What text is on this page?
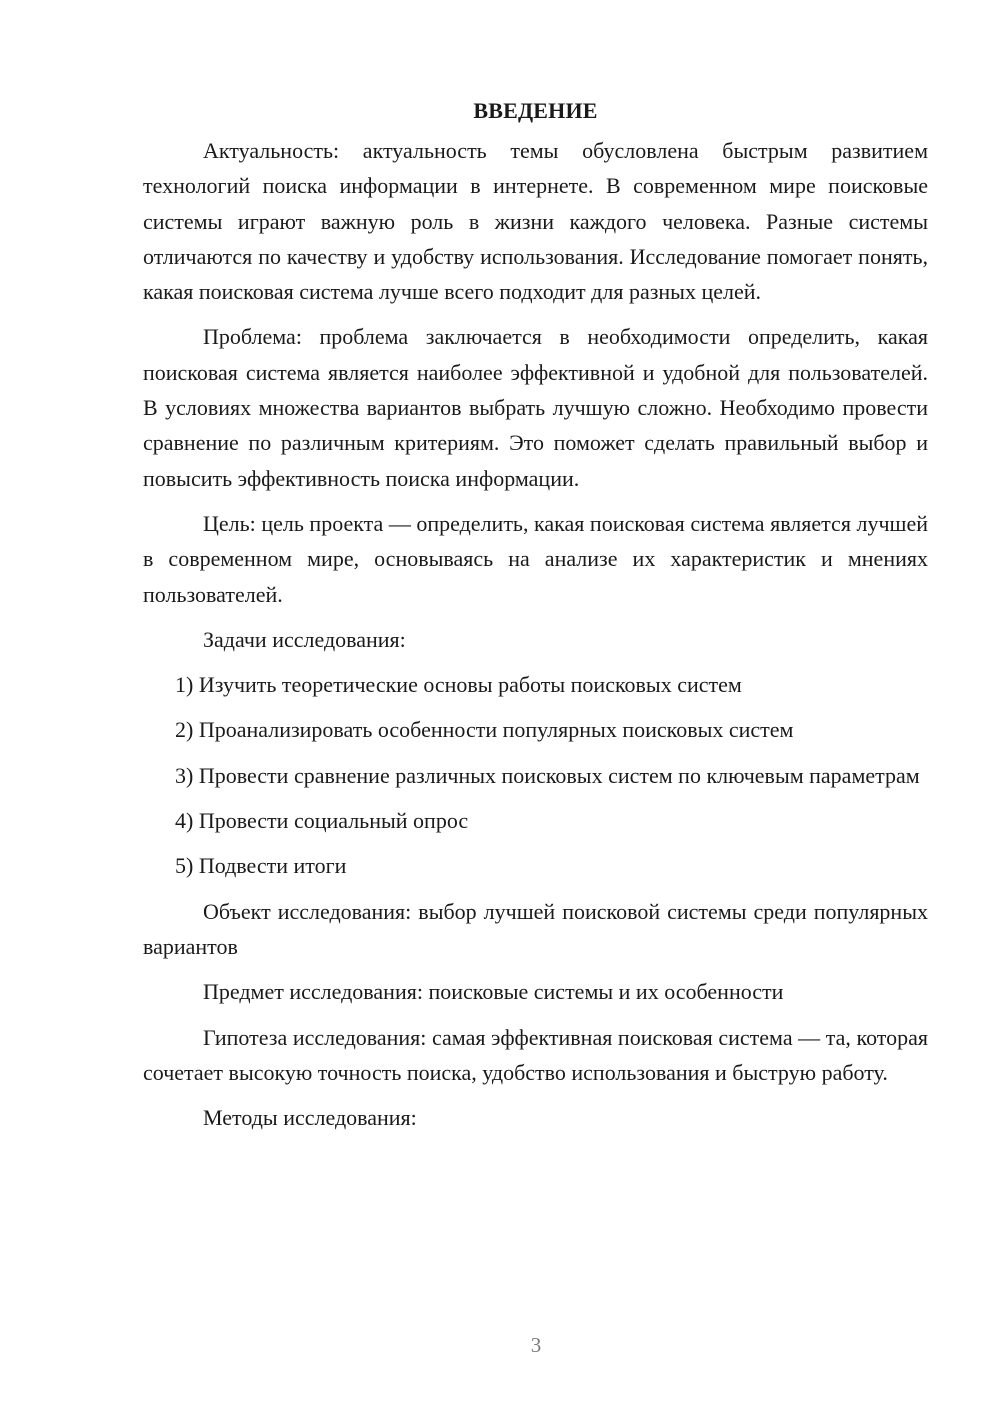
ВВЕДЕНИЕ

Актуальность: актуальность темы обусловлена быстрым развитием технологий поиска информации в интернете. В современном мире поисковые системы играют важную роль в жизни каждого человека. Разные системы отличаются по качеству и удобству использования. Исследование помогает понять, какая поисковая система лучше всего подходит для разных целей.

Проблема: проблема заключается в необходимости определить, какая поисковая система является наиболее эффективной и удобной для пользователей. В условиях множества вариантов выбрать лучшую сложно. Необходимо провести сравнение по различным критериям. Это поможет сделать правильный выбор и повысить эффективность поиска информации.

Цель: цель проекта — определить, какая поисковая система является лучшей в современном мире, основываясь на анализе их характеристик и мнениях пользователей.

Задачи исследования:

1) Изучить теоретические основы работы поисковых систем

2) Проанализировать особенности популярных поисковых систем

3) Провести сравнение различных поисковых систем по ключевым параметрам

4) Провести социальный опрос

5) Подвести итоги

Объект исследования: выбор лучшей поисковой системы среди популярных вариантов

Предмет исследования: поисковые системы и их особенности

Гипотеза исследования: самая эффективная поисковая система — та, которая сочетает высокую точность поиска, удобство использования и быструю работу.

Методы исследования:

3
